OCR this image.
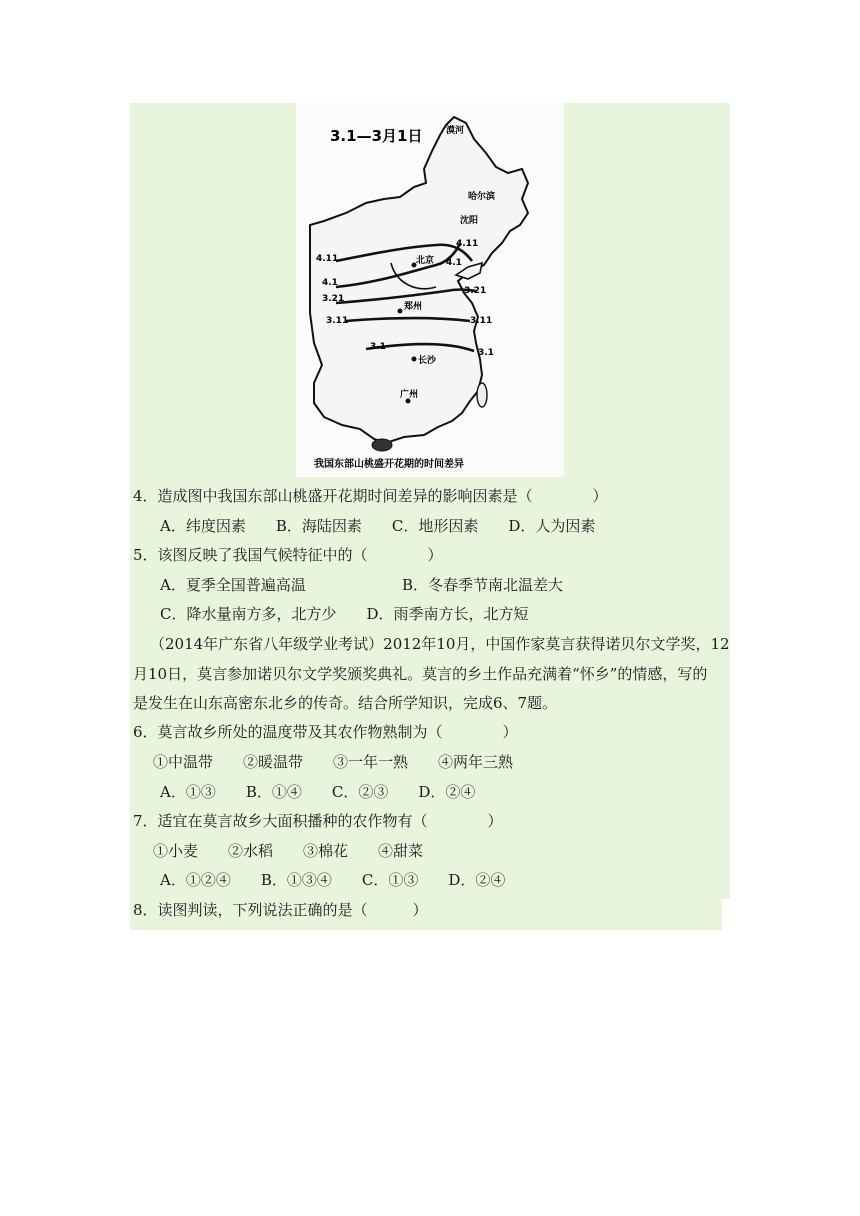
3.1—3月1日	漠河
哈尔滨
沈阳
北京
郑州
长沙
广州
4.11
4.1
4.1
4.11
3.21
3.21
3.11	3.11
3.1
3.1
我国东部山桃盛开花期的时间差异
4．造成图中我国东部山桃盛开花期时间差异的影响因素是（　　　　）
A．纬度因素　　B．海陆因素　　C．地形因素　　D．人为因素
5．该图反映了我国气候特征中的（　　　　）
A．夏季全国普遍高温	B．冬春季节南北温差大
C．降水量南方多，北方少　　D．雨季南方长，北方短
（2014年广东省八年级学业考试）2012年10月，中国作家莫言获得诺贝尔文学奖，12
月10日，莫言参加诺贝尔文学奖颁奖典礼。莫言的乡土作品充满着“怀乡”的情感，写的
是发生在山东高密东北乡的传奇。结合所学知识，完成6、7题。
6．莫言故乡所处的温度带及其农作物熟制为（　　　　）
①中温带　　②暖温带　　③一年一熟　　④两年三熟
A．①③　　B．①④　　C．②③　　D．②④
7．适宜在莫言故乡大面积播种的农作物有（　　　　）
①小麦　　②水稻　　③棉花　　④甜菜
A．①②④　　B．①③④　　C．①③　　D．②④
8．读图判读，下列说法正确的是（　　　）
